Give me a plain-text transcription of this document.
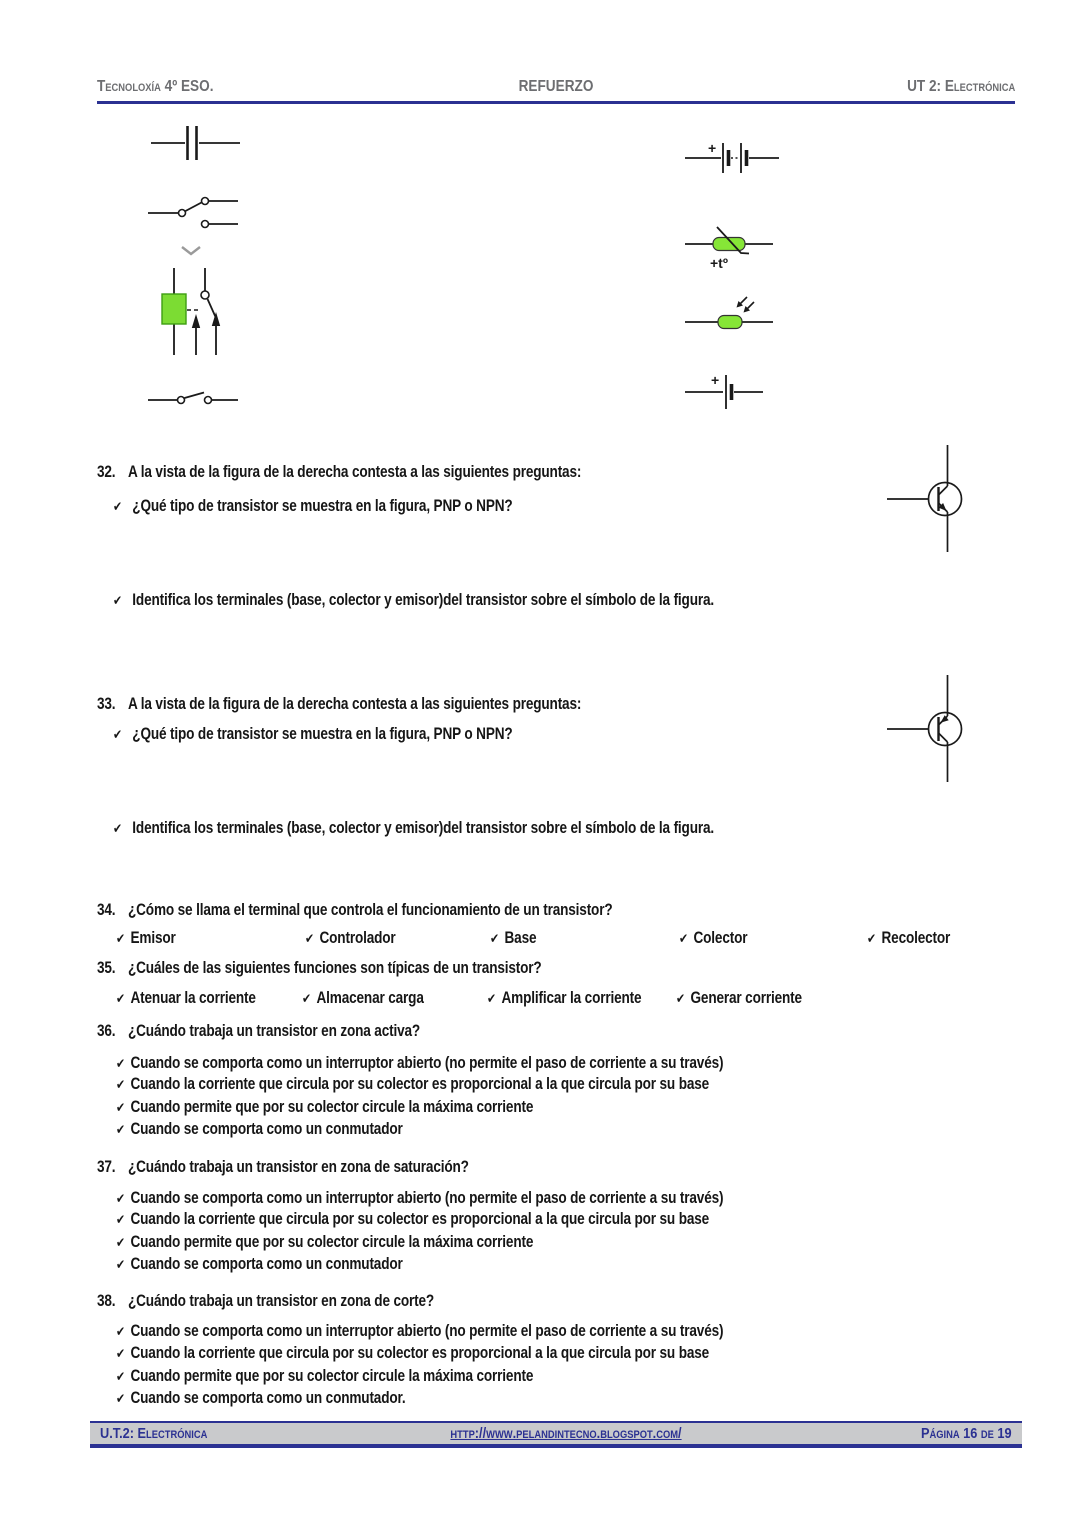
Tecnoloxía 4º ESO.	REFUERZO	UT 2: Electrónica
+
+tº
+
32. A la vista de la figura de la derecha contesta a las siguientes preguntas:
✔ ¿Qué tipo de transistor se muestra en la figura, PNP o NPN?
✔ Identifica los terminales (base, colector y emisor)del transistor sobre el símbolo de la figura.
33. A la vista de la figura de la derecha contesta a las siguientes preguntas:
✔ ¿Qué tipo de transistor se muestra en la figura, PNP o NPN?
✔ Identifica los terminales (base, colector y emisor)del transistor sobre el símbolo de la figura.
34. ¿Cómo se llama el terminal que controla el funcionamiento de un transistor?
✔ Emisor	✔ Controlador	✔ Base	✔ Colector	✔ Recolector
35. ¿Cuáles de las siguientes funciones son típicas de un transistor?
✔ Atenuar la corriente	✔ Almacenar carga	✔ Amplificar la corriente	✔ Generar corriente
36. ¿Cuándo trabaja un transistor en zona activa?
✔ Cuando se comporta como un interruptor abierto (no permite el paso de corriente a su través)
✔ Cuando la corriente que circula por su colector es proporcional a la que circula por su base
✔ Cuando permite que por su colector circule la máxima corriente
✔ Cuando se comporta como un conmutador
37. ¿Cuándo trabaja un transistor en zona de saturación?
✔ Cuando se comporta como un interruptor abierto (no permite el paso de corriente a su través)
✔ Cuando la corriente que circula por su colector es proporcional a la que circula por su base
✔ Cuando permite que por su colector circule la máxima corriente
✔ Cuando se comporta como un conmutador
38. ¿Cuándo trabaja un transistor en zona de corte?
✔ Cuando se comporta como un interruptor abierto (no permite el paso de corriente a su través)
✔ Cuando la corriente que circula por su colector es proporcional a la que circula por su base
✔ Cuando permite que por su colector circule la máxima corriente
✔ Cuando se comporta como un conmutador.
U.T.2: Electrónica	http://www.pelandintecno.blogspot.com/	Página 16 de 19
